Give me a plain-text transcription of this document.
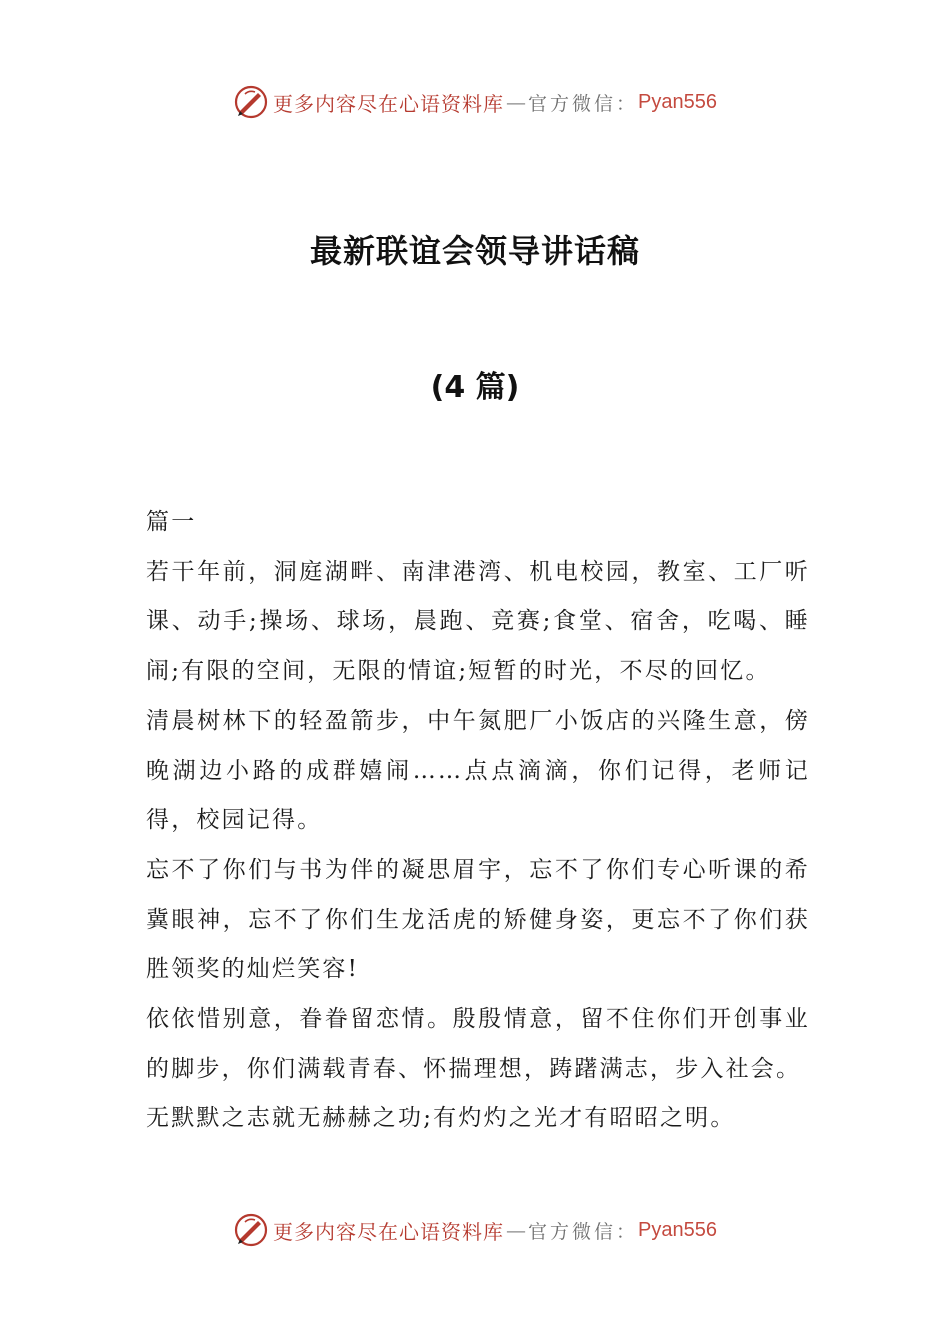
更多内容尽在心语资料库 — 官方微信： Pyan556
最新联谊会领导讲话稿
(4 篇)

篇一

若干年前，洞庭湖畔、南津港湾、机电校园，教室、工厂听课、动手;操场、球场，晨跑、竞赛;食堂、宿舍，吃喝、睡闹;有限的空间，无限的情谊;短暂的时光，不尽的回忆。

清晨树林下的轻盈箭步，中午氮肥厂小饭店的兴隆生意，傍晚湖边小路的成群嬉闹……点点滴滴，你们记得，老师记得，校园记得。

忘不了你们与书为伴的凝思眉宇，忘不了你们专心听课的希冀眼神，忘不了你们生龙活虎的矫健身姿，更忘不了你们获胜领奖的灿烂笑容!

依依惜别意，眷眷留恋情。殷殷情意，留不住你们开创事业的脚步，你们满载青春、怀揣理想，踌躇满志，步入社会。

无默默之志就无赫赫之功;有灼灼之光才有昭昭之明。

更多内容尽在心语资料库 — 官方微信： Pyan556
